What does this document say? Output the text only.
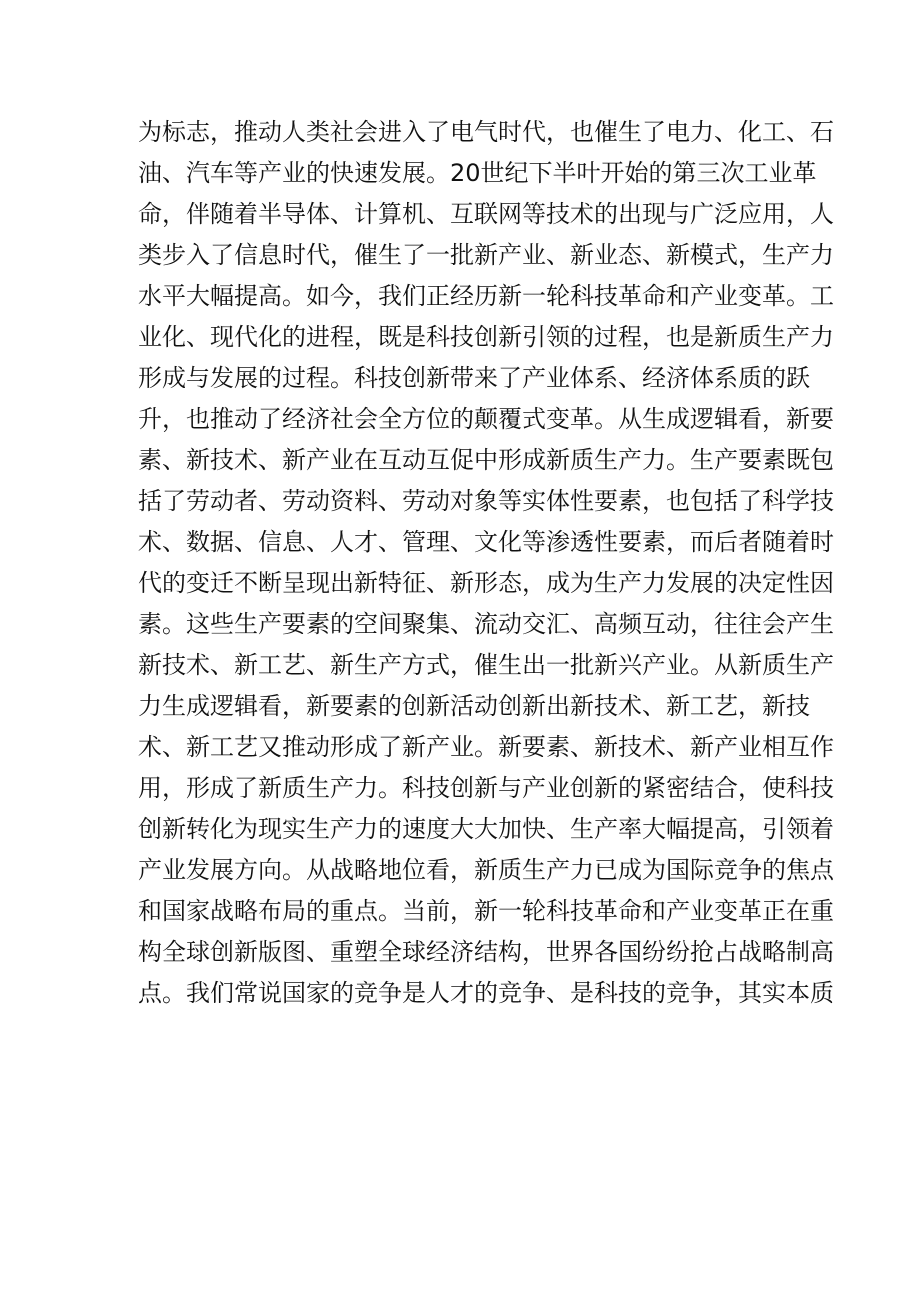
为标志，推动人类社会进入了电气时代，也催生了电力、化工、石
油、汽车等产业的快速发展。20世纪下半叶开始的第三次工业革
命，伴随着半导体、计算机、互联网等技术的出现与广泛应用，人
类步入了信息时代，催生了一批新产业、新业态、新模式，生产力
水平大幅提高。如今，我们正经历新一轮科技革命和产业变革。工
业化、现代化的进程，既是科技创新引领的过程，也是新质生产力
形成与发展的过程。科技创新带来了产业体系、经济体系质的跃
升，也推动了经济社会全方位的颠覆式变革。从生成逻辑看，新要
素、新技术、新产业在互动互促中形成新质生产力。生产要素既包
括了劳动者、劳动资料、劳动对象等实体性要素，也包括了科学技
术、数据、信息、人才、管理、文化等渗透性要素，而后者随着时
代的变迁不断呈现出新特征、新形态，成为生产力发展的决定性因
素。这些生产要素的空间聚集、流动交汇、高频互动，往往会产生
新技术、新工艺、新生产方式，催生出一批新兴产业。从新质生产
力生成逻辑看，新要素的创新活动创新出新技术、新工艺，新技
术、新工艺又推动形成了新产业。新要素、新技术、新产业相互作
用，形成了新质生产力。科技创新与产业创新的紧密结合，使科技
创新转化为现实生产力的速度大大加快、生产率大幅提高，引领着
产业发展方向。从战略地位看，新质生产力已成为国际竞争的焦点
和国家战略布局的重点。当前，新一轮科技革命和产业变革正在重
构全球创新版图、重塑全球经济结构，世界各国纷纷抢占战略制高
点。我们常说国家的竞争是人才的竞争、是科技的竞争，其实本质
